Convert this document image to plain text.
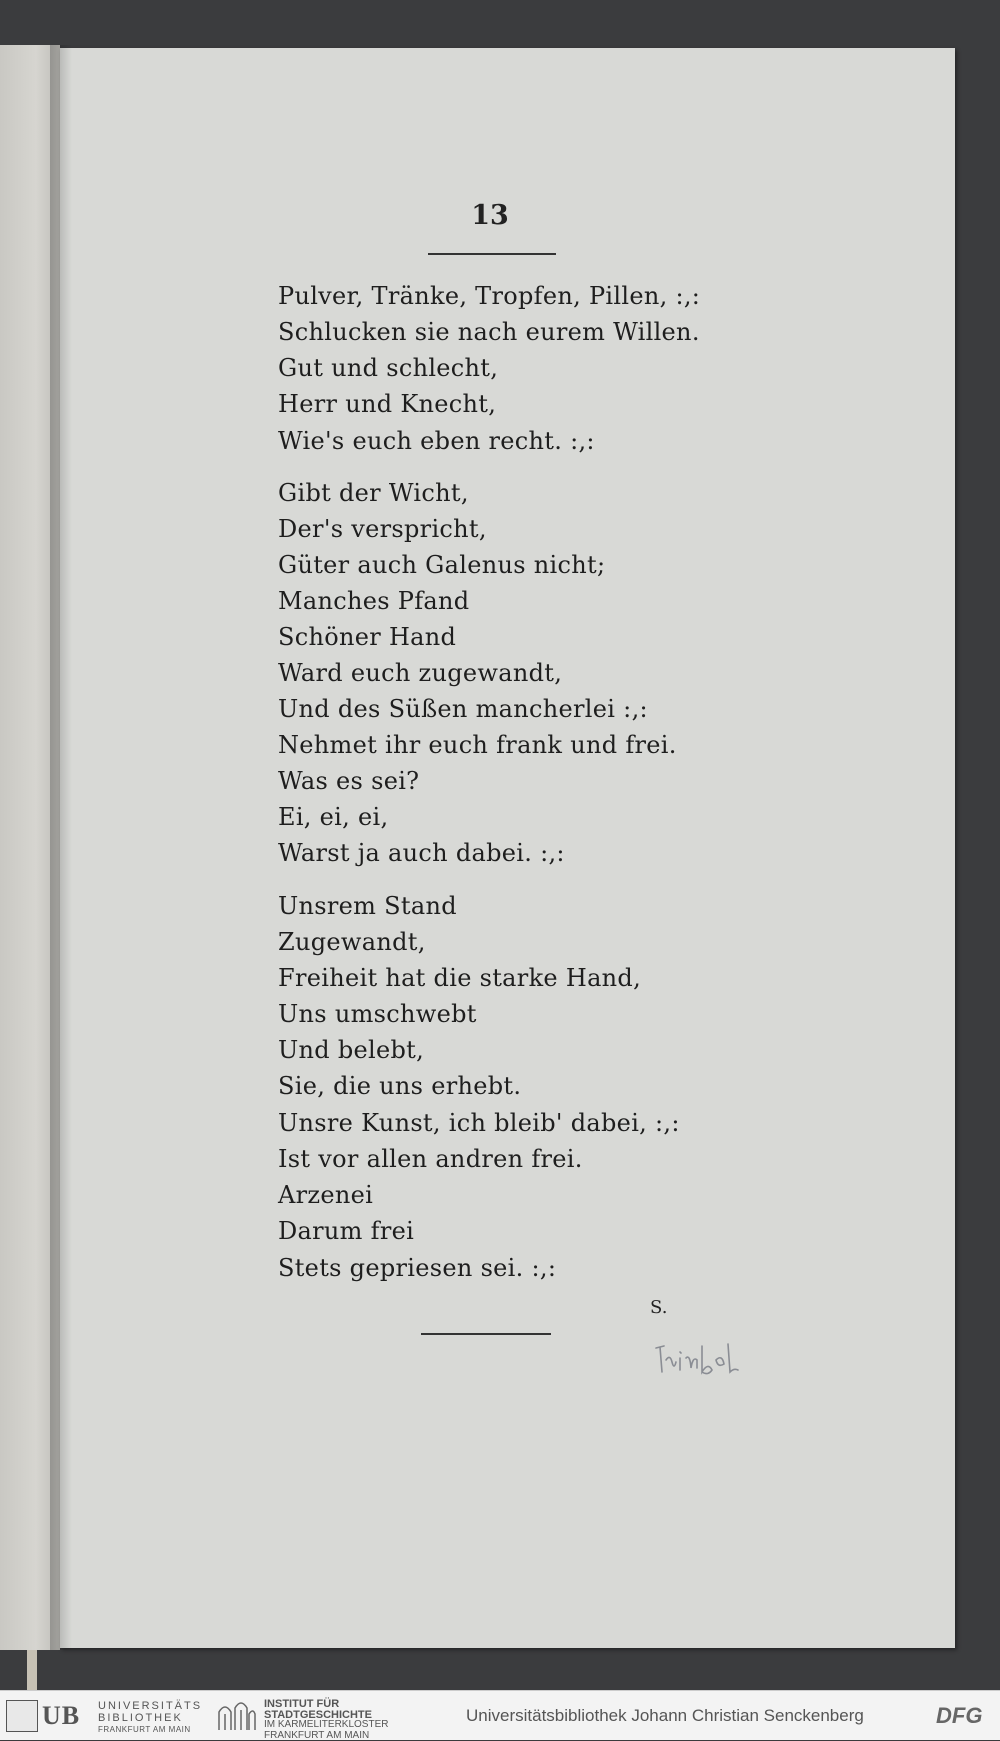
13
Pulver, Tränke, Tropfen, Pillen, :,:
Schlucken sie nach eurem Willen.
Gut und schlecht,
Herr und Knecht,
Wie's euch eben recht. :,:
Gibt der Wicht,
Der's verspricht,
Güter auch Galenus nicht;
Manches Pfand
Schöner Hand
Ward euch zugewandt,
Und des Süßen mancherlei :,:
Nehmet ihr euch frank und frei.
Was es sei?
Ei, ei, ei,
Warst ja auch dabei. :,:
Unsrem Stand
Zugewandt,
Freiheit hat die starke Hand,
Uns umschwebt
Und belebt,
Sie, die uns erhebt.
Unsre Kunst, ich bleib' dabei, :,:
Ist vor allen andren frei.
Arzenei
Darum frei
Stets gepriesen sei. :,:
S.
UB UNIVERSITÄTS
BIBLIOTHEK
FRANKFURT AM MAIN
INSTITUT FÜR
STADTGESCHICHTE
IM KARMELITERKLOSTER
FRANKFURT AM MAIN
Universitätsbibliothek Johann Christian Senckenberg	DFG
